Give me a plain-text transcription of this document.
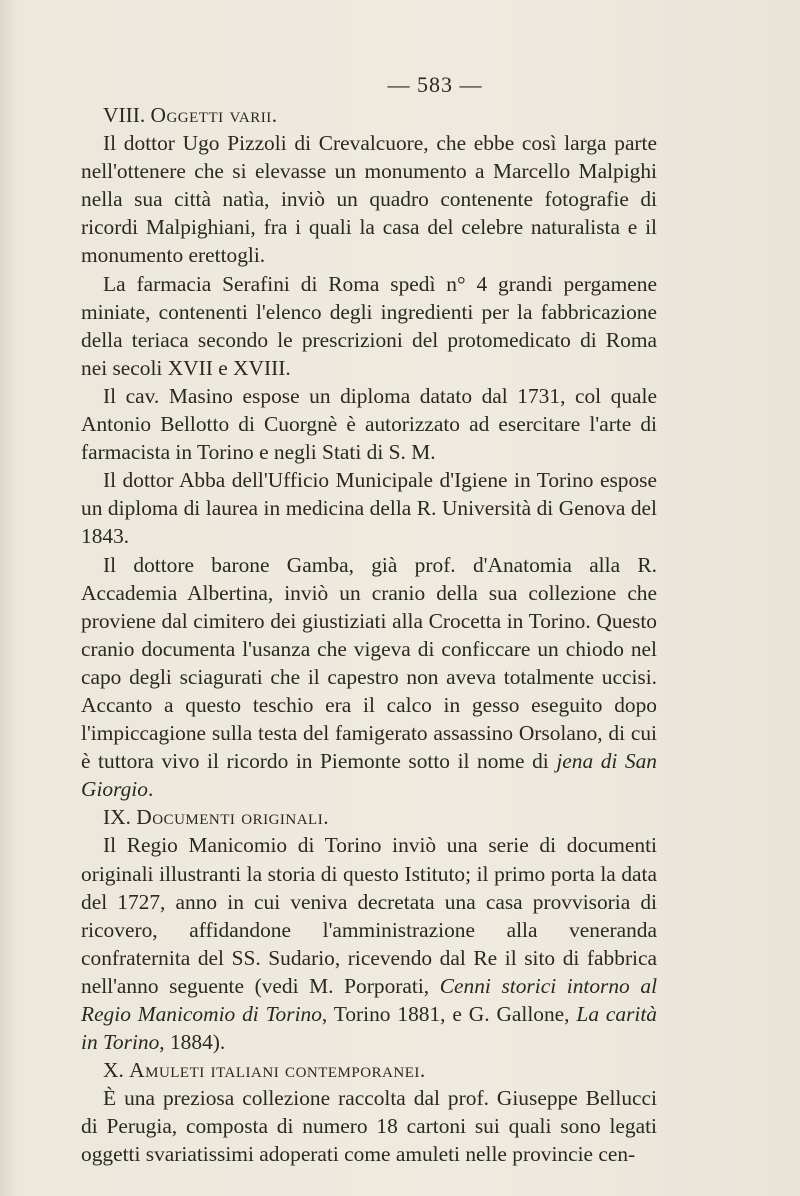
— 583 —

VIII. Oggetti varii.

Il dottor Ugo Pizzoli di Crevalcuore, che ebbe così larga parte nell'ottenere che si elevasse un monumento a Marcello Malpighi nella sua città natìa, inviò un quadro contenente fotografie di ricordi Malpighiani, fra i quali la casa del celebre naturalista e il monumento erettogli.

La farmacia Serafini di Roma spedì n° 4 grandi pergamene miniate, contenenti l'elenco degli ingredienti per la fabbricazione della teriaca secondo le prescrizioni del protomedicato di Roma nei secoli XVII e XVIII.

Il cav. Masino espose un diploma datato dal 1731, col quale Antonio Bellotto di Cuorgnè è autorizzato ad esercitare l'arte di farmacista in Torino e negli Stati di S. M.

Il dottor Abba dell'Ufficio Municipale d'Igiene in Torino espose un diploma di laurea in medicina della R. Università di Genova del 1843.

Il dottore barone Gamba, già prof. d'Anatomia alla R. Accademia Albertina, inviò un cranio della sua collezione che proviene dal cimitero dei giustiziati alla Crocetta in Torino. Questo cranio documenta l'usanza che vigeva di conficcare un chiodo nel capo degli sciagurati che il capestro non aveva totalmente uccisi. Accanto a questo teschio era il calco in gesso eseguito dopo l'impiccagione sulla testa del famigerato assassino Orsolano, di cui è tuttora vivo il ricordo in Piemonte sotto il nome di jena di San Giorgio.

IX. Documenti originali.

Il Regio Manicomio di Torino inviò una serie di documenti originali illustranti la storia di questo Istituto; il primo porta la data del 1727, anno in cui veniva decretata una casa provvisoria di ricovero, affidandone l'amministrazione alla veneranda confraternita del SS. Sudario, ricevendo dal Re il sito di fabbrica nell'anno seguente (vedi M. Porporati, Cenni storici intorno al Regio Manicomio di Torino, Torino 1881, e G. Gallone, La carità in Torino, 1884).

X. Amuleti italiani contemporanei.

È una preziosa collezione raccolta dal prof. Giuseppe Bellucci di Perugia, composta di numero 18 cartoni sui quali sono legati oggetti svariatissimi adoperati come amuleti nelle provincie cen-
